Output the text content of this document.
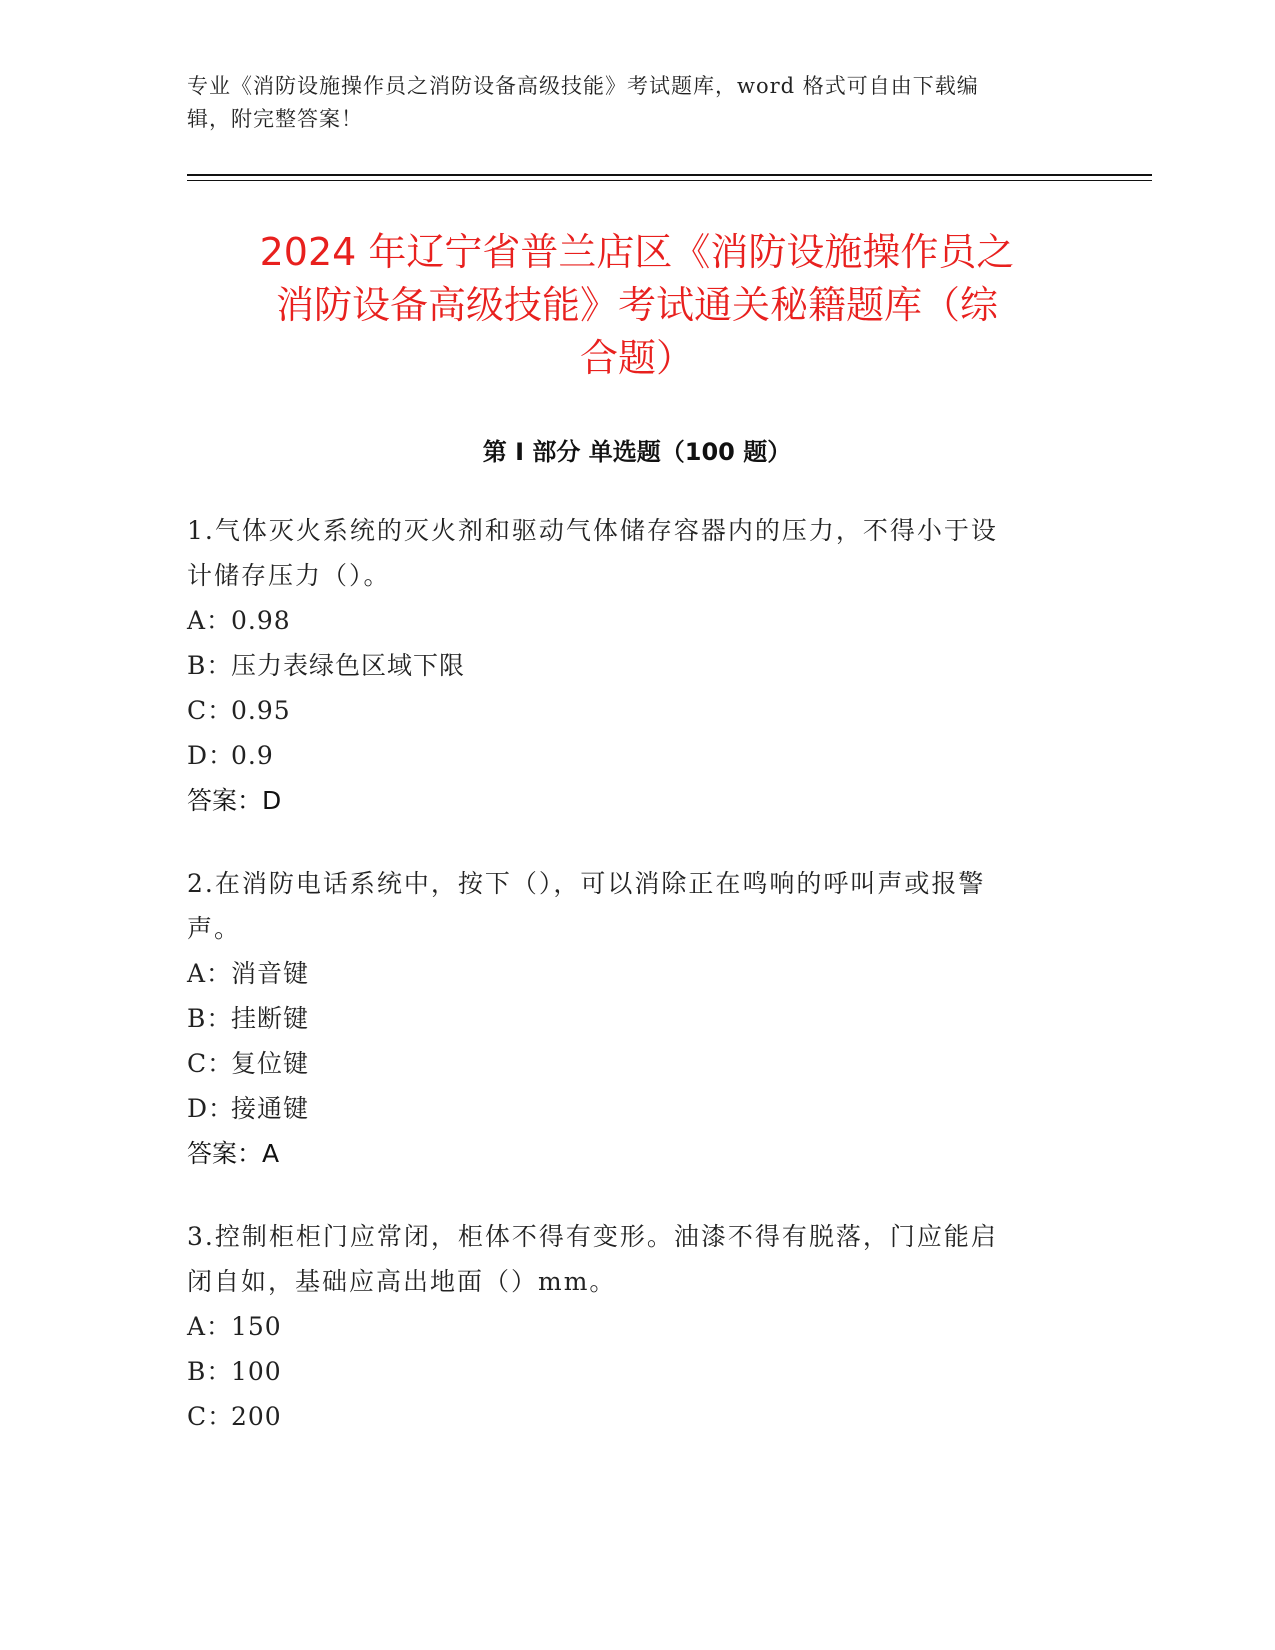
专业《消防设施操作员之消防设备高级技能》考试题库，word 格式可自由下载编
辑，附完整答案！
2024 年辽宁省普兰店区《消防设施操作员之
消防设备高级技能》考试通关秘籍题库（综
合题）
第 I 部分 单选题（100 题）

1.气体灭火系统的灭火剂和驱动气体储存容器内的压力，不得小于设
计储存压力（）。

A：0.98

B：压力表绿色区域下限

C：0.95

D：0.9

答案：D

2.在消防电话系统中，按下（），可以消除正在鸣响的呼叫声或报警
声。

A：消音键

B：挂断键

C：复位键

D：接通键

答案：A

3.控制柜柜门应常闭，柜体不得有变形。油漆不得有脱落，门应能启
闭自如，基础应高出地面（）mm。

A：150

B：100

C：200
